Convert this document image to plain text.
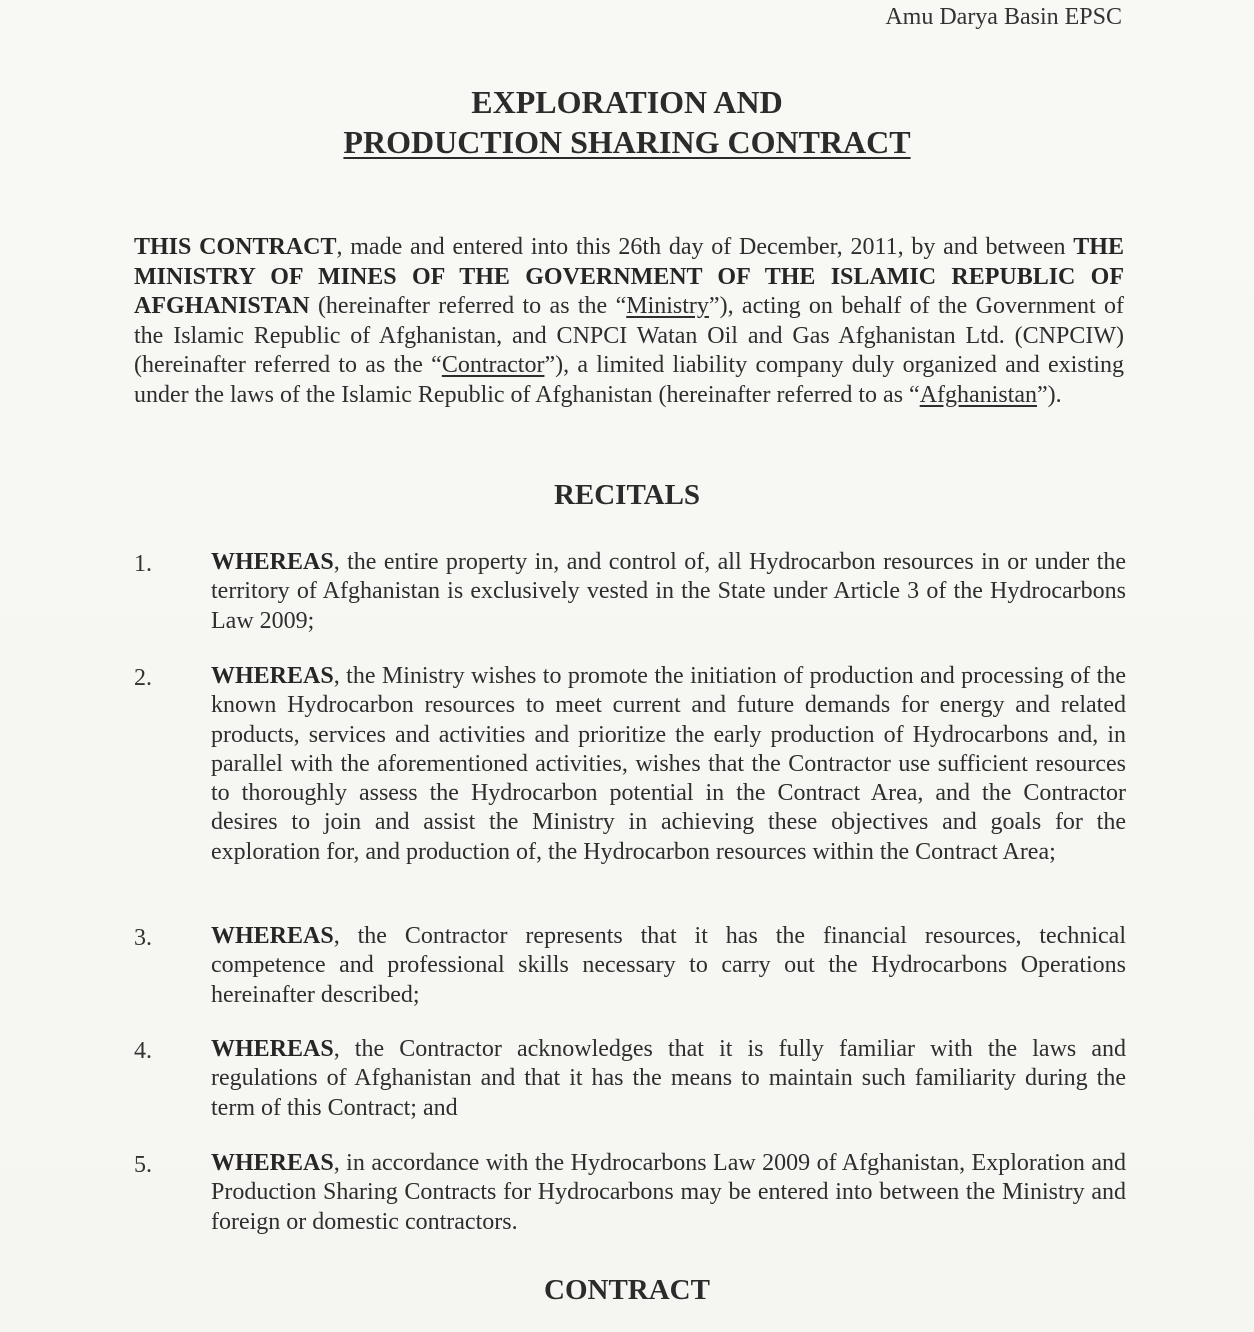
Amu Darya Basin EPSC
EXPLORATION AND
PRODUCTION SHARING CONTRACT
THIS CONTRACT, made and entered into this 26th day of December, 2011, by and between THE MINISTRY OF MINES OF THE GOVERNMENT OF THE ISLAMIC REPUBLIC OF AFGHANISTAN (hereinafter referred to as the “Ministry”), acting on behalf of the Government of the Islamic Republic of Afghanistan, and CNPCI Watan Oil and Gas Afghanistan Ltd. (CNPCIW) (hereinafter referred to as the “Contractor”), a limited liability company duly organized and existing under the laws of the Islamic Republic of Afghanistan (hereinafter referred to as “Afghanistan”).
RECITALS
1.	WHEREAS, the entire property in, and control of, all Hydrocarbon resources in or under the territory of Afghanistan is exclusively vested in the State under Article 3 of the Hydrocarbons Law 2009;
2.	WHEREAS, the Ministry wishes to promote the initiation of production and processing of the known Hydrocarbon resources to meet current and future demands for energy and related products, services and activities and prioritize the early production of Hydrocarbons and, in parallel with the aforementioned activities, wishes that the Contractor use sufficient resources to thoroughly assess the Hydrocarbon potential in the Contract Area, and the Contractor desires to join and assist the Ministry in achieving these objectives and goals for the exploration for, and production of, the Hydrocarbon resources within the Contract Area;
3.	WHEREAS, the Contractor represents that it has the financial resources, technical competence and professional skills necessary to carry out the Hydrocarbons Operations hereinafter described;
4.	WHEREAS, the Contractor acknowledges that it is fully familiar with the laws and regulations of Afghanistan and that it has the means to maintain such familiarity during the term of this Contract; and
5.	WHEREAS, in accordance with the Hydrocarbons Law 2009 of Afghanistan, Exploration and Production Sharing Contracts for Hydrocarbons may be entered into between the Ministry and foreign or domestic contractors.
CONTRACT
